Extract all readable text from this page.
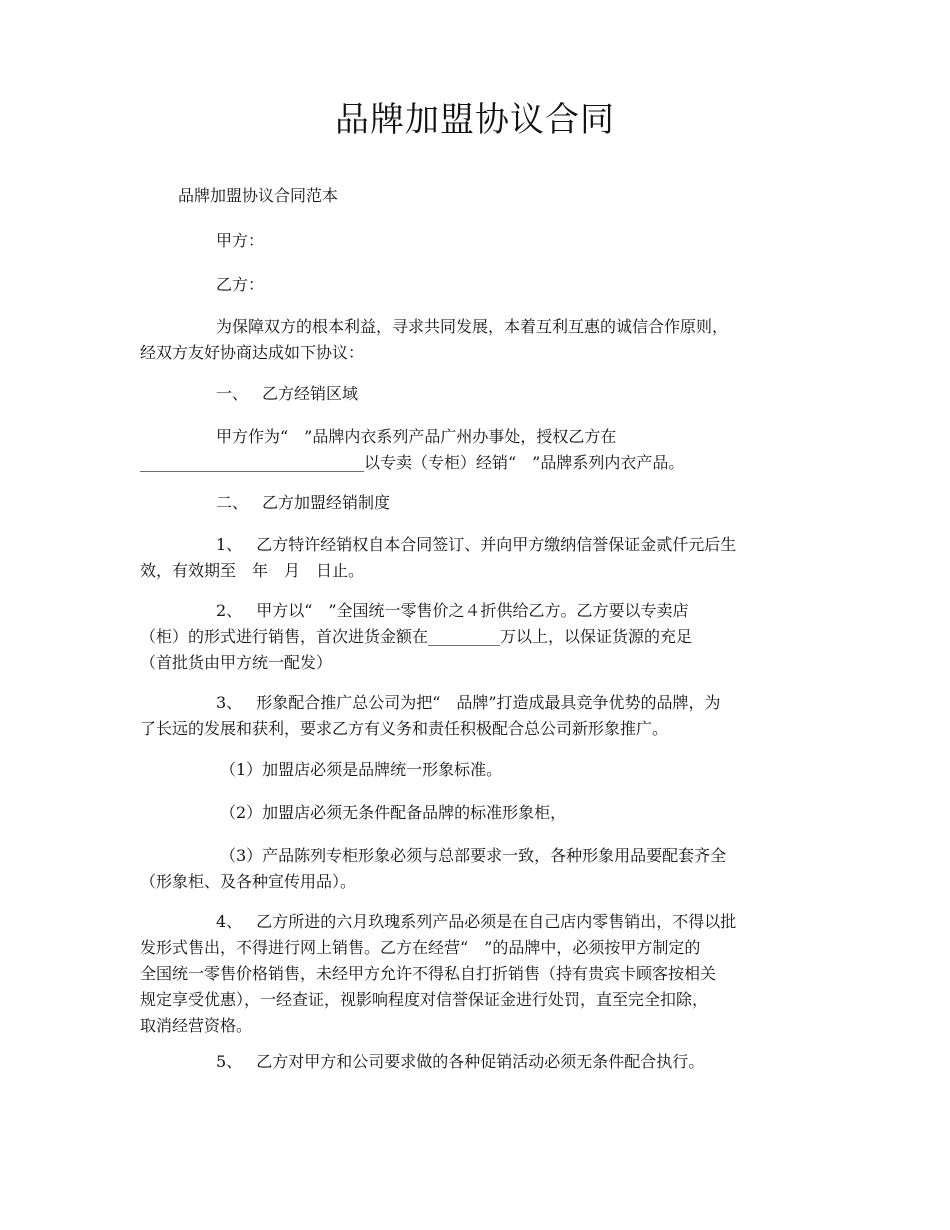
品牌加盟协议合同

品牌加盟协议合同范本

甲方：

乙方：

为保障双方的根本利益，寻求共同发展，本着互利互惠的诚信合作原则，
经双方友好协商达成如下协议：
一、 乙方经销区域
甲方作为“　”品牌内衣系列产品广州办事处，授权乙方在
____________________________以专卖（专柜）经销“　”品牌系列内衣产品。
二、 乙方加盟经销制度
1、 乙方特许经销权自本合同签订、并向甲方缴纳信誉保证金贰仟元后生
效，有效期至　年　月　日止。
2、 甲方以“　”全国统一零售价之４折供给乙方。乙方要以专卖店
（柜）的形式进行销售，首次进货金额在_________万以上，以保证货源的充足
（首批货由甲方统一配发）
3、 形象配合推广总公司为把“　品牌”打造成最具竞争优势的品牌，为
了长远的发展和获利，要求乙方有义务和责任积极配合总公司新形象推广。

（1）加盟店必须是品牌统一形象标准。

（2）加盟店必须无条件配备品牌的标准形象柜，

（3）产品陈列专柜形象必须与总部要求一致，各种形象用品要配套齐全
（形象柜、及各种宣传用品）。
4、 乙方所进的六月玖瑰系列产品必须是在自己店内零售销出，不得以批
发形式售出，不得进行网上销售。乙方在经营“　”的品牌中，必须按甲方制定的
全国统一零售价格销售，未经甲方允许不得私自打折销售（持有贵宾卡顾客按相关
规定享受优惠），一经查证，视影响程度对信誉保证金进行处罚，直至完全扣除，
取消经营资格。
5、 乙方对甲方和公司要求做的各种促销活动必须无条件配合执行。
